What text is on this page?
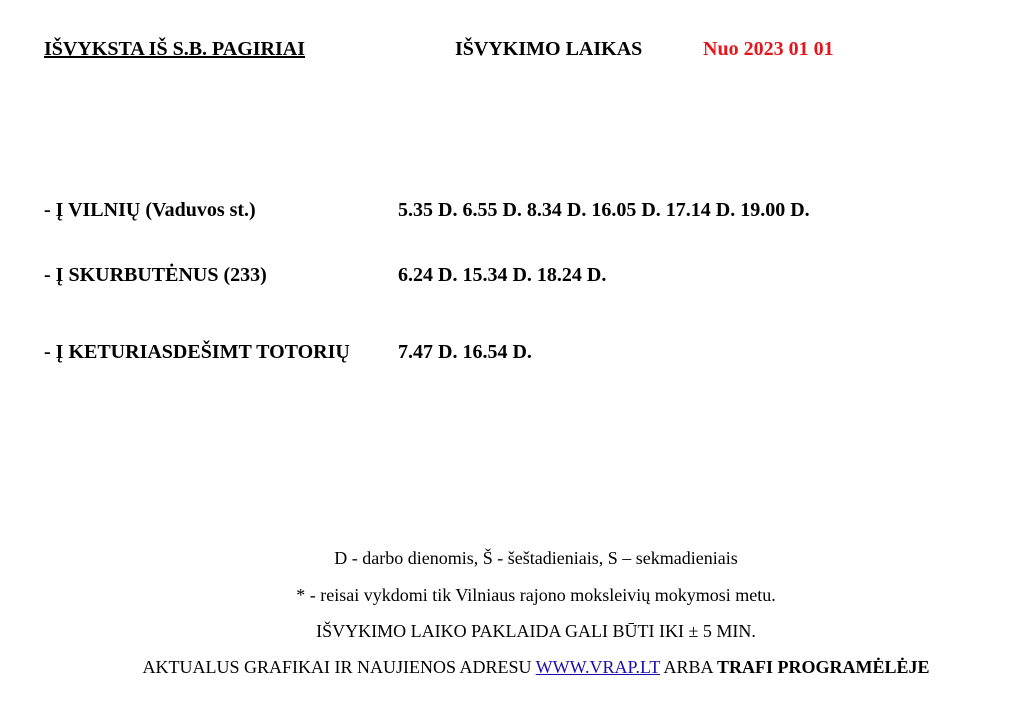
IŠVYKSTA IŠ S.B. PAGIRIAI	IŠVYKIMO LAIKAS	Nuo 2023 01 01
- Į VILNIŲ (Vaduvos st.)	5.35 D. 6.55 D. 8.34 D. 16.05 D. 17.14 D. 19.00 D.
- Į SKURBUTĖNUS (233)	6.24 D. 15.34 D. 18.24 D.
- Į KETURIASDEŠIMT TOTORIŲ 7.47 D. 16.54 D.
D - darbo dienomis, Š - šeštadieniais, S – sekmadieniais
* - reisai vykdomi tik Vilniaus rajono moksleivių mokymosi metu.
IŠVYKIMO LAIKO PAKLAIDA GALI BŪTI IKI ± 5 MIN.
AKTUALUS GRAFIKAI IR NAUJIENOS ADRESU WWW.VRAP.LT ARBA TRAFI PROGRAMĖLĖJE
